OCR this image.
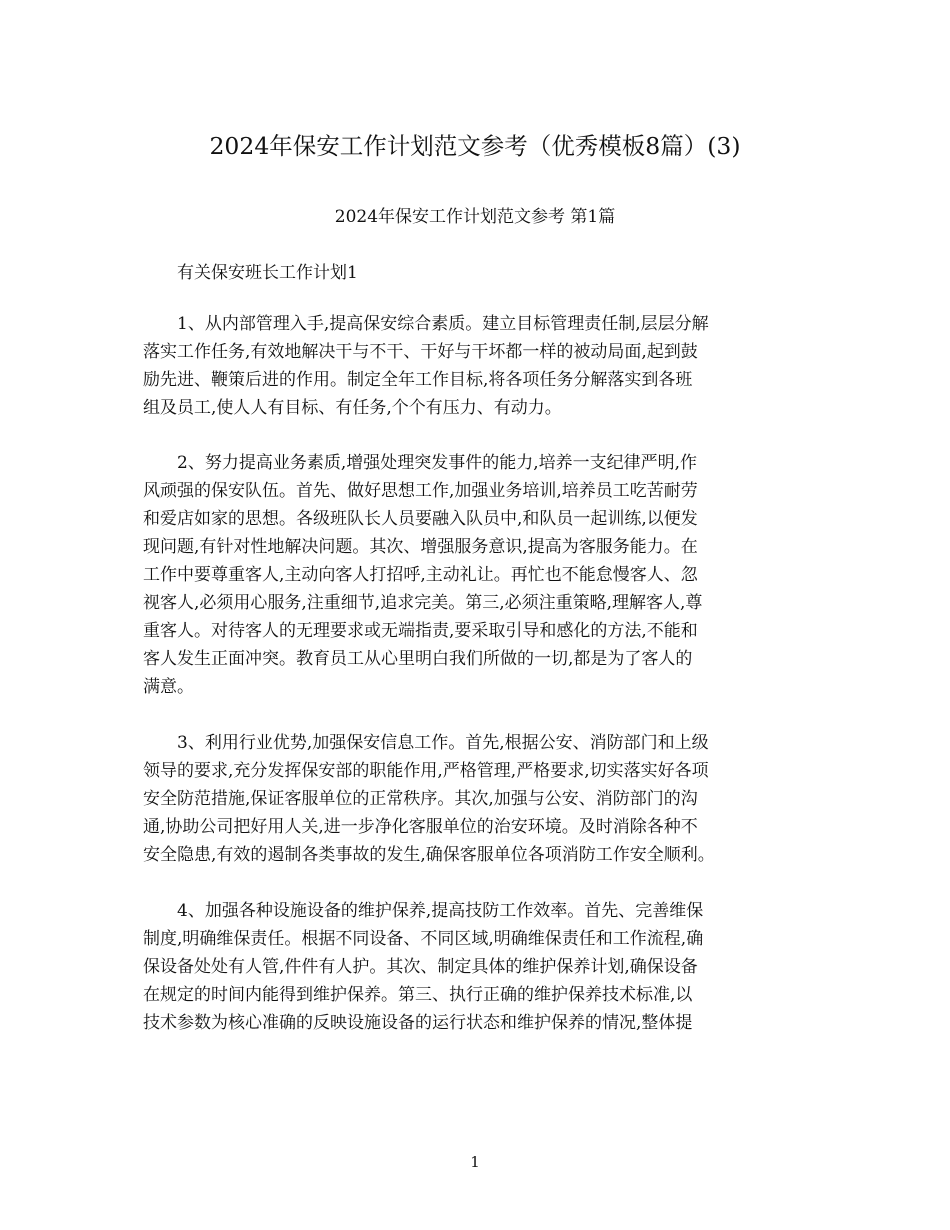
2024年保安工作计划范文参考（优秀模板8篇）(3)
2024年保安工作计划范文参考 第1篇
有关保安班长工作计划1
1、从内部管理入手,提高保安综合素质。建立目标管理责任制,层层分解
落实工作任务,有效地解决干与不干、干好与干坏都一样的被动局面,起到鼓
励先进、鞭策后进的作用。制定全年工作目标,将各项任务分解落实到各班
组及员工,使人人有目标、有任务,个个有压力、有动力。
2、努力提高业务素质,增强处理突发事件的能力,培养一支纪律严明,作
风顽强的保安队伍。首先、做好思想工作,加强业务培训,培养员工吃苦耐劳
和爱店如家的思想。各级班队长人员要融入队员中,和队员一起训练,以便发
现问题,有针对性地解决问题。其次、增强服务意识,提高为客服务能力。在
工作中要尊重客人,主动向客人打招呼,主动礼让。再忙也不能怠慢客人、忽
视客人,必须用心服务,注重细节,追求完美。第三,必须注重策略,理解客人,尊
重客人。对待客人的无理要求或无端指责,要采取引导和感化的方法,不能和
客人发生正面冲突。教育员工从心里明白我们所做的一切,都是为了客人的
满意。
3、利用行业优势,加强保安信息工作。首先,根据公安、消防部门和上级
领导的要求,充分发挥保安部的职能作用,严格管理,严格要求,切实落实好各项
安全防范措施,保证客服单位的正常秩序。其次,加强与公安、消防部门的沟
通,协助公司把好用人关,进一步净化客服单位的治安环境。及时消除各种不
安全隐患,有效的遏制各类事故的发生,确保客服单位各项消防工作安全顺利。
4、加强各种设施设备的维护保养,提高技防工作效率。首先、完善维保
制度,明确维保责任。根据不同设备、不同区域,明确维保责任和工作流程,确
保设备处处有人管,件件有人护。其次、制定具体的维护保养计划,确保设备
在规定的时间内能得到维护保养。第三、执行正确的维护保养技术标准,以
技术参数为核心准确的反映设施设备的运行状态和维护保养的情况,整体提
1
